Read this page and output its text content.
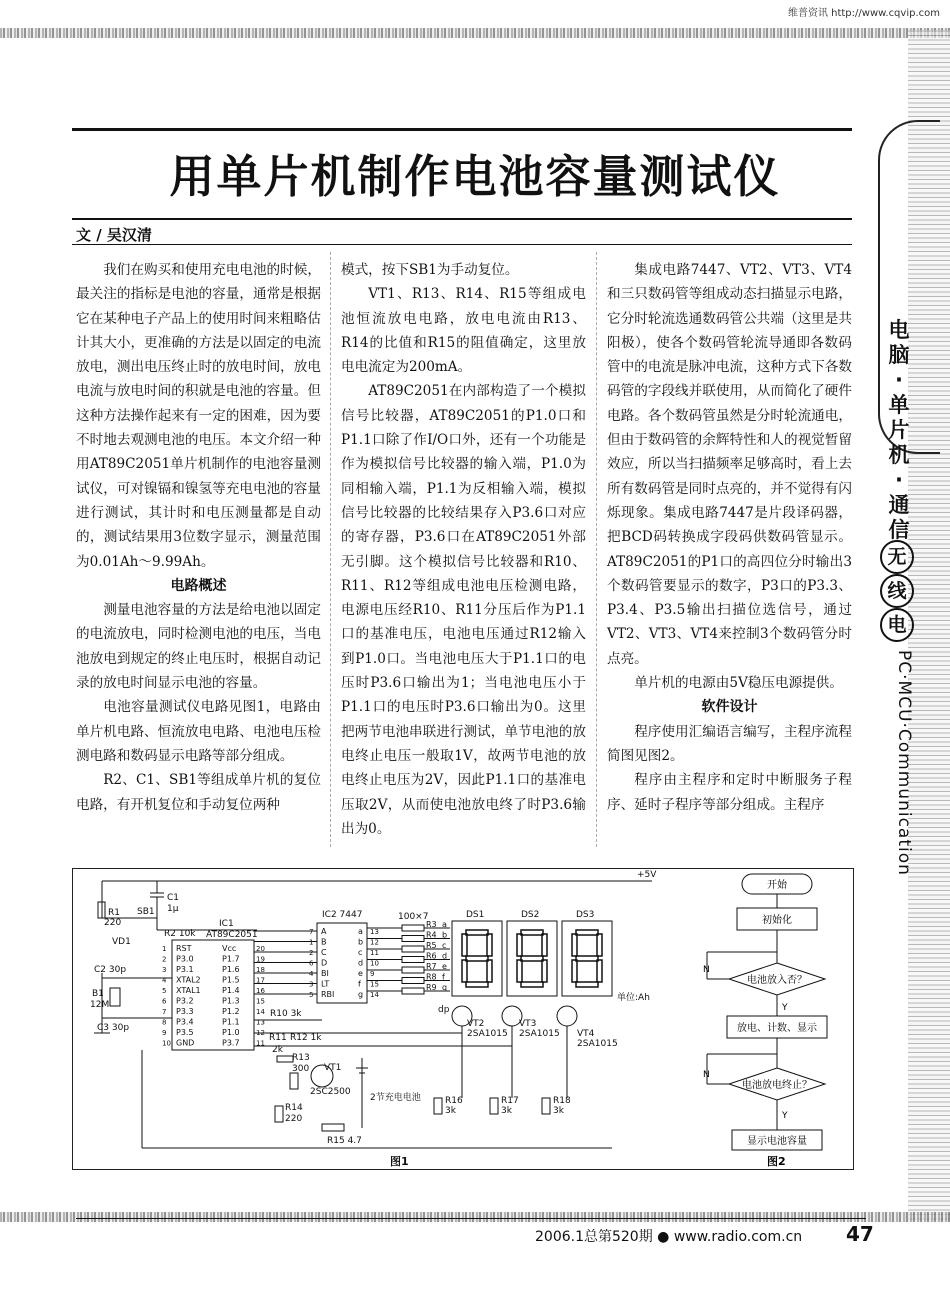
维普资讯 http://www.cqvip.com
用单片机制作电池容量测试仪
文 / 吴汉清

我们在购买和使用充电电池的时候，最关注的指标是电池的容量，通常是根据它在某种电子产品上的使用时间来粗略估计其大小，更准确的方法是以固定的电流放电，测出电压终止时的放电时间，放电电流与放电时间的积就是电池的容量。但这种方法操作起来有一定的困难，因为要不时地去观测电池的电压。本文介绍一种用AT89C2051单片机制作的电池容量测试仪，可对镍镉和镍氢等充电电池的容量进行测试，其计时和电压测量都是自动的，测试结果用3位数字显示，测量范围为0.01Ah～9.99Ah。

电路概述

测量电池容量的方法是给电池以固定的电流放电，同时检测电池的电压，当电池放电到规定的终止电压时，根据自动记录的放电时间显示电池的容量。

电池容量测试仪电路见图1，电路由单片机电路、恒流放电电路、电池电压检测电路和数码显示电路等部分组成。

R2、C1、SB1等组成单片机的复位电路，有开机复位和手动复位两种

模式，按下SB1为手动复位。

VT1、R13、R14、R15等组成电池恒流放电电路，放电电流由R13、R14的比值和R15的阻值确定，这里放电电流定为200mA。

AT89C2051在内部构造了一个模拟信号比较器，AT89C2051的P1.0口和P1.1口除了作I/O口外，还有一个功能是作为模拟信号比较器的输入端，P1.0为同相输入端，P1.1为反相输入端，模拟信号比较器的比较结果存入P3.6口对应的寄存器，P3.6口在AT89C2051外部无引脚。这个模拟信号比较器和R10、R11、R12等组成电池电压检测电路，电源电压经R10、R11分压后作为P1.1口的基准电压，电池电压通过R12输入到P1.0口。当电池电压大于P1.1口的电压时P3.6口输出为1；当电池电压小于P1.1口的电压时P3.6口输出为0。这里把两节电池串联进行测试，单节电池的放电终止电压一般取1V，故两节电池的放电终止电压为2V，因此P1.1口的基准电压取2V，从而使电池放电终了时P3.6输出为0。

集成电路7447、VT2、VT3、VT4和三只数码管等组成动态扫描显示电路，它分时轮流选通数码管公共端（这里是共阳极），使各个数码管轮流导通即各数码管中的电流是脉冲电流，这种方式下各数码管的字段线并联使用，从而简化了硬件电路。各个数码管虽然是分时轮流通电，但由于数码管的余辉特性和人的视觉暂留效应，所以当扫描频率足够高时，看上去所有数码管是同时点亮的，并不觉得有闪烁现象。集成电路7447是片段译码器，把BCD码转换成字段码供数码管显示。AT89C2051的P1口的高四位分时输出3个数码管要显示的数字，P3口的P3.3、P3.4、P3.5输出扫描位选信号，通过VT2、VT3、VT4来控制3个数码管分时点亮。

单片机的电源由5V稳压电源提供。

软件设计

程序使用汇编语言编写，主程序流程简图见图2。

程序由主程序和定时中断服务子程序、延时子程序等部分组成。主程序

电
脑
·
单
片
机
·
通
信
无
线
电
PC·MCU·Communication
R3 a
R4 b
R5 c
R6 d
R7 e
R8 f
R9 g
DS1	DS2	DS3
+5V
C1
1μ
R1
220
SB1
R2 10k
VD1
IC1
AT89C2051
IC2 7447	100×7
C2 30p
B1
12M
C3 30p
R10 3k
R11
2k
R12 1k
R13
300
R14
220
R15 4.7
VT1
2SC2500
2节充电电池
单位:Ah
dp
VT2
2SA1015
VT3
2SA1015 VT4
2SA1015
R16
3k
R17
3k
R18
3k
图1
RST
1	Vcc	20
P3.0
2	P1.7 19
P3.1
3	P1.6 18
XTAL2
4	P1.5 17
XTAL1
5	P1.4 16
P3.2
6	P1.3 15
P3.3
7	P1.2 14
P3.4
8	P1.1 13
P3.5
9	P1.0 12
GND
10	P3.7 11
A
7	a 13
B
1	b 12
C
2	c 11
D
6	d 10
BI
4	e 9
LT
3	f 15
RBI
5	g 14
开始
初始化
电池放入否？
放电、计数、显示
电池放电终止？
显示电池容量
N
N
Y
Y
图2
2006.1总第520期 ● www.radio.com.cn 47
